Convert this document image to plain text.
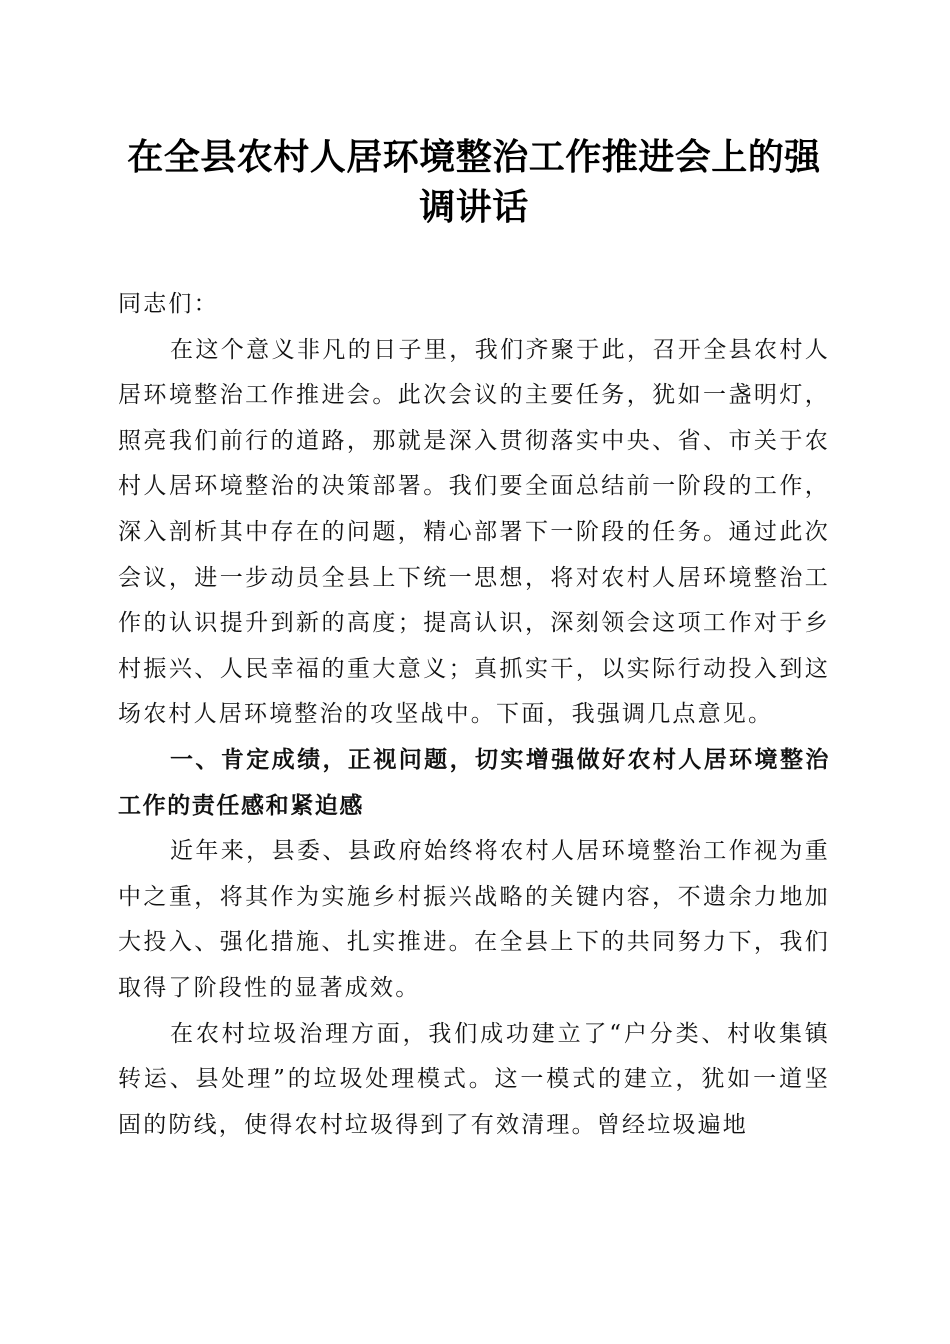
在全县农村人居环境整治工作推进会上的强调讲话

同志们：

在这个意义非凡的日子里，我们齐聚于此，召开全县农村人居环境整治工作推进会。此次会议的主要任务，犹如一盏明灯，照亮我们前行的道路，那就是深入贯彻落实中央、省、市关于农村人居环境整治的决策部署。我们要全面总结前一阶段的工作，深入剖析其中存在的问题，精心部署下一阶段的任务。通过此次会议，进一步动员全县上下统一思想，将对农村人居环境整治工作的认识提升到新的高度；提高认识，深刻领会这项工作对于乡村振兴、人民幸福的重大意义；真抓实干，以实际行动投入到这场农村人居环境整治的攻坚战中。下面，我强调几点意见。

一、肯定成绩，正视问题，切实增强做好农村人居环境整治工作的责任感和紧迫感

近年来，县委、县政府始终将农村人居环境整治工作视为重中之重，将其作为实施乡村振兴战略的关键内容，不遗余力地加大投入、强化措施、扎实推进。在全县上下的共同努力下，我们取得了阶段性的显著成效。

在农村垃圾治理方面，我们成功建立了“户分类、村收集镇转运、县处理”的垃圾处理模式。这一模式的建立，犹如一道坚固的防线，使得农村垃圾得到了有效清理。曾经垃圾遍地
